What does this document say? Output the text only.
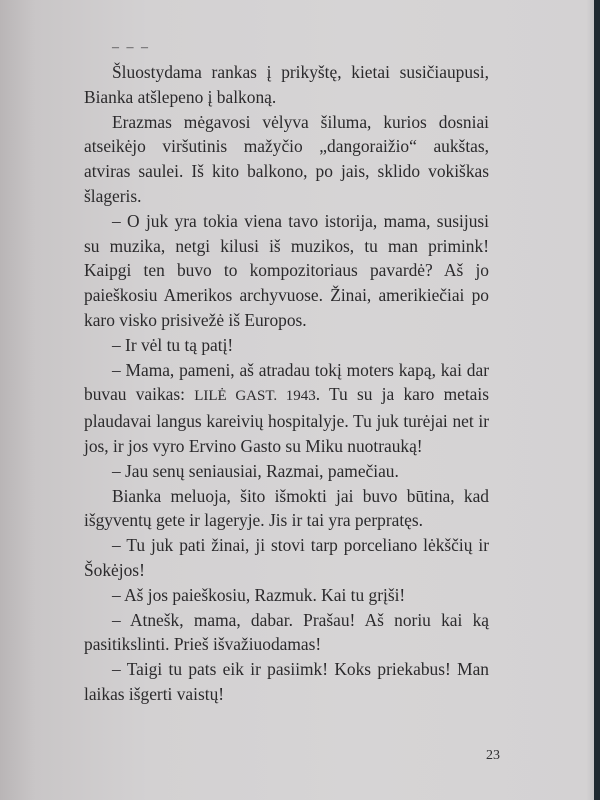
– – –

Šluostydama rankas į prikyštę, kietai susičiaupusi, Bianka atšlepeno į balkoną.

Erazmas mėgavosi vėlyva šiluma, kurios dosniai atseikėjo viršutinis mažyčio „dangoraižio“ aukštas, atviras saulei. Iš kito balkono, po jais, sklido vokiškas šlageris.

– O juk yra tokia viena tavo istorija, mama, susijusi su muzika, netgi kilusi iš muzikos, tu man primink! Kaipgi ten buvo to kompozitoriaus pavardė? Aš jo paieškosiu Amerikos archyvuose. Žinai, amerikiečiai po karo visko prisivežė iš Europos.

– Ir vėl tu tą patį!

– Mama, pameni, aš atradau tokį moters kapą, kai dar buvau vaikas: LILĖ GAST. 1943. Tu su ja karo metais plaudavai langus kareivių hospitalyje. Tu juk turėjai net ir jos, ir jos vyro Ervino Gasto su Miku nuotrauką!

– Jau senų seniausiai, Razmai, pamečiau.

Bianka meluoja, šito išmokti jai buvo būtina, kad išgyventų gete ir lageryje. Jis ir tai yra perpratęs.

– Tu juk pati žinai, ji stovi tarp porceliano lėkščių ir Šokėjos!

– Aš jos paieškosiu, Razmuk. Kai tu grįši!

– Atnešk, mama, dabar. Prašau! Aš noriu kai ką pasitikslinti. Prieš išvažiuodamas!

– Taigi tu pats eik ir pasiimk! Koks priekabus! Man laikas išgerti vaistų!

23
